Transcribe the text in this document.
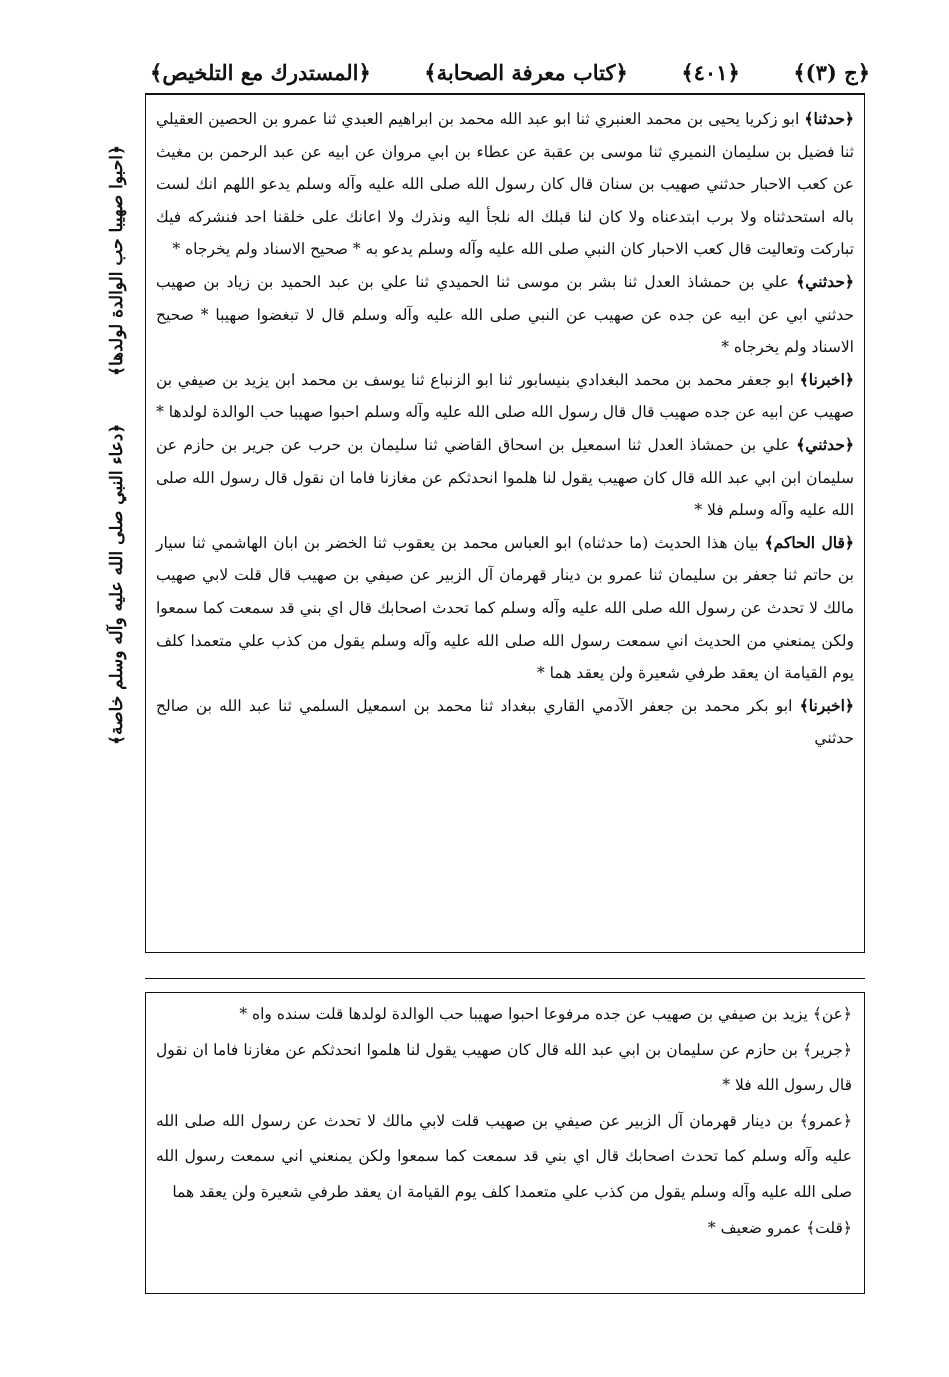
﴿المستدرك مع التلخيص﴾	﴿كتاب معرفة الصحابة﴾	﴿٤٠١﴾	﴿ج (٣)﴾
﴿دعاء النبي صلى الله عليه وآله وسلم خاصة﴾
﴿احبوا صهيبا حب الوالدة لولدها﴾

﴿حدثنا﴾ ابو زكريا يحيى بن محمد العنبري ثنا ابو عبد الله محمد بن ابراهيم العبدي ثنا عمرو بن الحصين العقيلي ثنا فضيل بن سليمان النميري ثنا موسى بن عقبة عن عطاء بن ابي مروان عن ابيه عن عبد الرحمن بن مغيث عن كعب الاحبار حدثني صهيب بن سنان قال كان رسول الله صلى الله عليه وآله وسلم يدعو اللهم انك لست باله استحدثناه ولا برب ابتدعناه ولا كان لنا قبلك اله نلجأ اليه ونذرك ولا اعانك على خلقنا احد فنشركه فيك تباركت وتعاليت قال كعب الاحبار كان النبي صلى الله عليه وآله وسلم يدعو به * صحيح الاسناد ولم يخرجاه *

﴿حدثني﴾ علي بن حمشاذ العدل ثنا بشر بن موسى ثنا الحميدي ثنا علي بن عبد الحميد بن زياد بن صهيب حدثني ابي عن ابيه عن جده عن صهيب عن النبي صلى الله عليه وآله وسلم قال لا تبغضوا صهيبا * صحيح الاسناد ولم يخرجاه *

﴿اخبرنا﴾ ابو جعفر محمد بن محمد البغدادي بنيسابور ثنا ابو الزنباع ثنا يوسف بن محمد ابن يزيد بن صيفي بن صهيب عن ابيه عن جده صهيب قال قال رسول الله صلى الله عليه وآله وسلم احبوا صهيبا حب الوالدة لولدها *

﴿حدثني﴾ علي بن حمشاذ العدل ثنا اسمعيل بن اسحاق القاضي ثنا سليمان بن حرب عن جرير بن حازم عن سليمان ابن ابي عبد الله قال كان صهيب يقول لنا هلموا انحدثكم عن مغازنا فاما ان نقول قال رسول الله صلى الله عليه وآله وسلم فلا *

﴿قال الحاكم﴾ بيان هذا الحديث (ما حدثناه) ابو العباس محمد بن يعقوب ثنا الخضر بن ابان الهاشمي ثنا سيار بن حاتم ثنا جعفر بن سليمان ثنا عمرو بن دينار قهرمان آل الزبير عن صيفي بن صهيب قال قلت لابي صهيب مالك لا تحدث عن رسول الله صلى الله عليه وآله وسلم كما تحدث اصحابك قال اي بني قد سمعت كما سمعوا ولكن يمنعني من الحديث اني سمعت رسول الله صلى الله عليه وآله وسلم يقول من كذب علي متعمدا كلف يوم القيامة ان يعقد طرفي شعيرة ولن يعقد هما *

﴿اخبرنا﴾ ابو بكر محمد بن جعفر الآدمي القاري ببغداد ثنا محمد بن اسمعيل السلمي ثنا عبد الله بن صالح حدثني

﴿عن﴾ يزيد بن صيفي بن صهيب عن جده مرفوعا احبوا صهيبا حب الوالدة لولدها قلت سنده واه *

﴿جرير﴾ بن حازم عن سليمان بن ابي عبد الله قال كان صهيب يقول لنا هلموا انحدثكم عن مغازنا فاما ان نقول قال رسول الله فلا *

﴿عمرو﴾ بن دينار قهرمان آل الزبير عن صيفي بن صهيب قلت لابي مالك لا تحدث عن رسول الله صلى الله عليه وآله وسلم كما تحدث اصحابك قال اي بني قد سمعت كما سمعوا ولكن يمنعني اني سمعت رسول الله صلى الله عليه وآله وسلم يقول من كذب علي متعمدا كلف يوم القيامة ان يعقد طرفي شعيرة ولن يعقد هما

﴿قلت﴾ عمرو ضعيف *
